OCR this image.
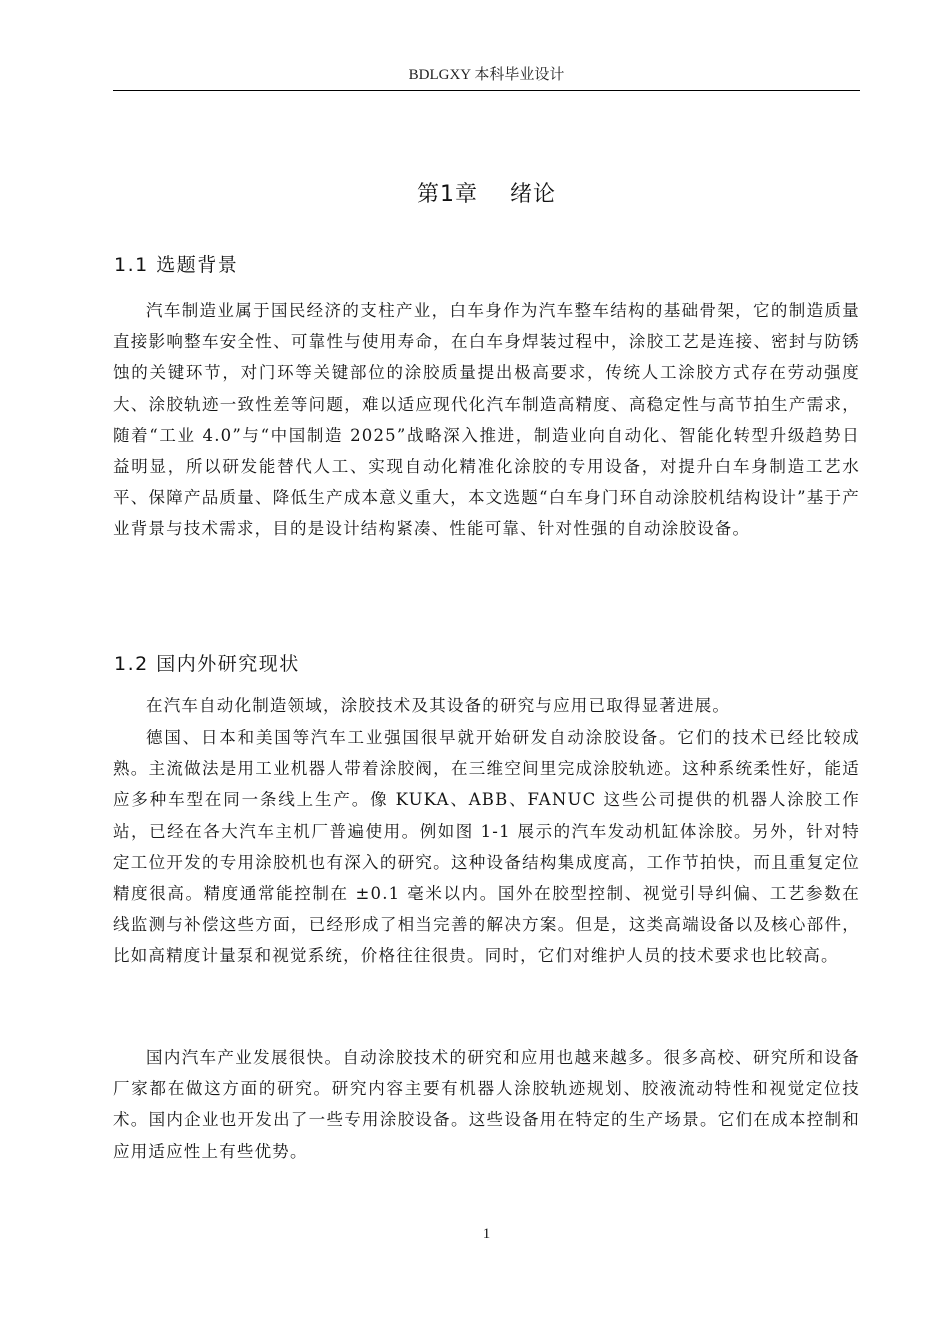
BDLGXY 本科毕业设计
第1章    绪论
1.1 选题背景

汽车制造业属于国民经济的支柱产业，白车身作为汽车整车结构的基础骨架，它的制造质量直接影响整车安全性、可靠性与使用寿命，在白车身焊装过程中，涂胶工艺是连接、密封与防锈蚀的关键环节，对门环等关键部位的涂胶质量提出极高要求，传统人工涂胶方式存在劳动强度大、涂胶轨迹一致性差等问题，难以适应现代化汽车制造高精度、高稳定性与高节拍生产需求，随着“工业 4.0”与“中国制造 2025”战略深入推进，制造业向自动化、智能化转型升级趋势日益明显，所以研发能替代人工、实现自动化精准化涂胶的专用设备，对提升白车身制造工艺水平、保障产品质量、降低生产成本意义重大，本文选题“白车身门环自动涂胶机结构设计”基于产业背景与技术需求，目的是设计结构紧凑、性能可靠、针对性强的自动涂胶设备。

1.2 国内外研究现状

在汽车自动化制造领域，涂胶技术及其设备的研究与应用已取得显著进展。

德国、日本和美国等汽车工业强国很早就开始研发自动涂胶设备。它们的技术已经比较成熟。主流做法是用工业机器人带着涂胶阀，在三维空间里完成涂胶轨迹。这种系统柔性好，能适应多种车型在同一条线上生产。像 KUKA、ABB、FANUC 这些公司提供的机器人涂胶工作站，已经在各大汽车主机厂普遍使用。例如图 1-1 展示的汽车发动机缸体涂胶。另外，针对特定工位开发的专用涂胶机也有深入的研究。这种设备结构集成度高，工作节拍快，而且重复定位精度很高。精度通常能控制在 ±0.1 毫米以内。国外在胶型控制、视觉引导纠偏、工艺参数在线监测与补偿这些方面，已经形成了相当完善的解决方案。但是，这类高端设备以及核心部件，比如高精度计量泵和视觉系统，价格往往很贵。同时，它们对维护人员的技术要求也比较高。

国内汽车产业发展很快。自动涂胶技术的研究和应用也越来越多。很多高校、研究所和设备厂家都在做这方面的研究。研究内容主要有机器人涂胶轨迹规划、胶液流动特性和视觉定位技术。国内企业也开发出了一些专用涂胶设备。这些设备用在特定的生产场景。它们在成本控制和应用适应性上有些优势。

1
